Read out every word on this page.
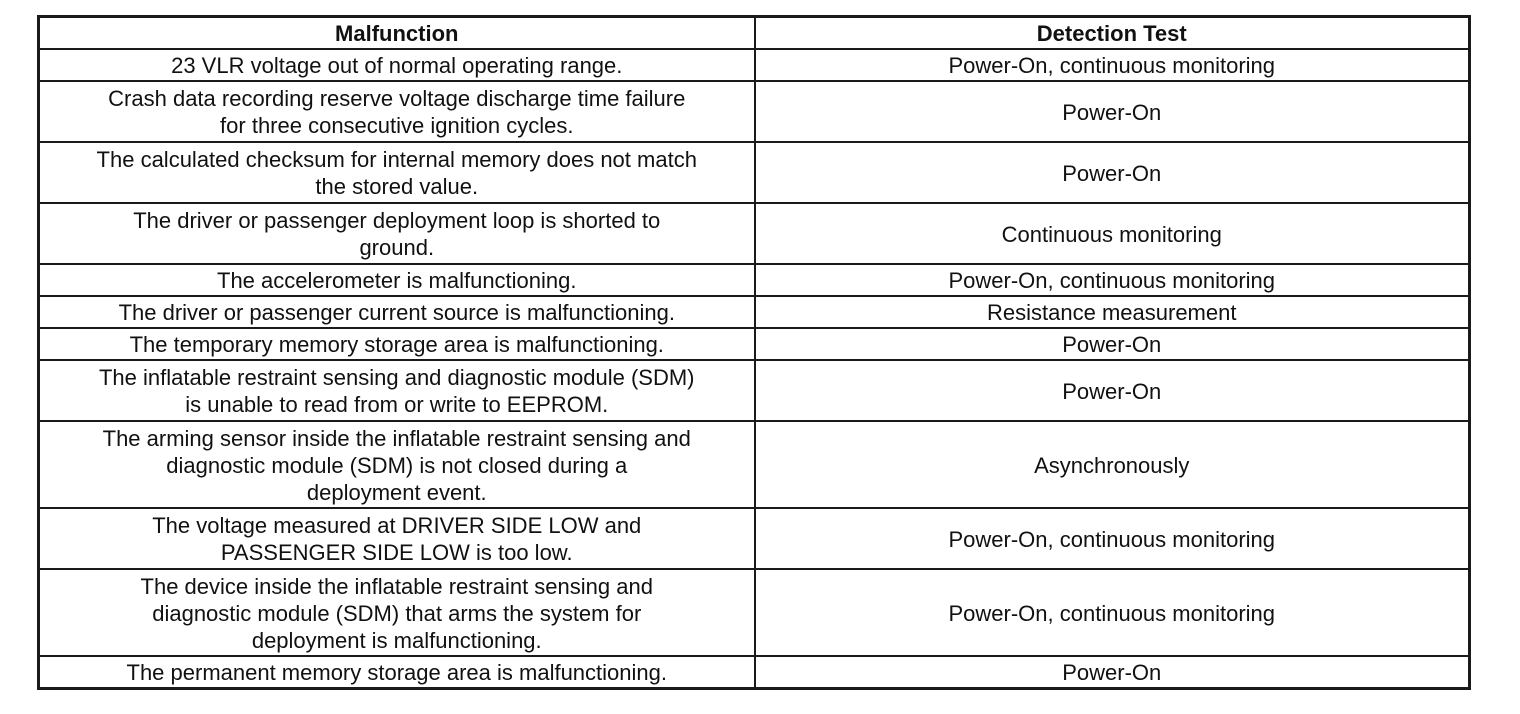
Malfunction	Detection Test

23 VLR voltage out of normal operating range.	Power-On, continuous monitoring

Crash data recording reserve voltage discharge time failure
for three consecutive ignition cycles.	Power-On

The calculated checksum for internal memory does not match
the stored value.	Power-On

The driver or passenger deployment loop is shorted to
ground.	Continuous monitoring

The accelerometer is malfunctioning.	Power-On, continuous monitoring

The driver or passenger current source is malfunctioning.	Resistance measurement

The temporary memory storage area is malfunctioning.	Power-On

The inflatable restraint sensing and diagnostic module (SDM)
is unable to read from or write to EEPROM.	Power-On

The arming sensor inside the inflatable restraint sensing and
diagnostic module (SDM) is not closed during a
deployment event.	Asynchronously

The voltage measured at DRIVER SIDE LOW and
PASSENGER SIDE LOW is too low.	Power-On, continuous monitoring

The device inside the inflatable restraint sensing and
diagnostic module (SDM) that arms the system for
deployment is malfunctioning.	Power-On, continuous monitoring

The permanent memory storage area is malfunctioning.	Power-On
